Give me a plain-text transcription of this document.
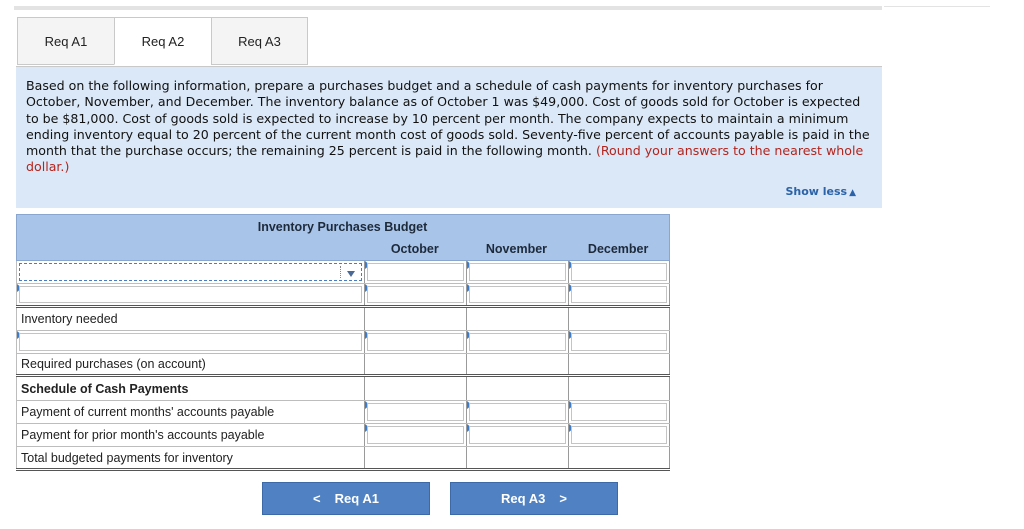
Req A1	Req A2	Req A3

Based on the following information, prepare a purchases budget and a schedule of cash payments for inventory purchases for October, November, and December. The inventory balance as of October 1 was $49,000. Cost of goods sold for October is expected to be $81,000. Cost of goods sold is expected to increase by 10 percent per month. The company expects to maintain a minimum ending inventory equal to 20 percent of the current month cost of goods sold. Seventy-five percent of accounts payable is paid in the month that the purchase occurs; the remaining 25 percent is paid in the following month. (Round your answers to the nearest whole dollar.)

Show less ▲
Inventory Purchases Budget
October	November	December
Inventory needed
Required purchases (on account)
Schedule of Cash Payments
Payment of current months' accounts payable
Payment for prior month's accounts payable
Total budgeted payments for inventory
< Req A1	Req A3 >
